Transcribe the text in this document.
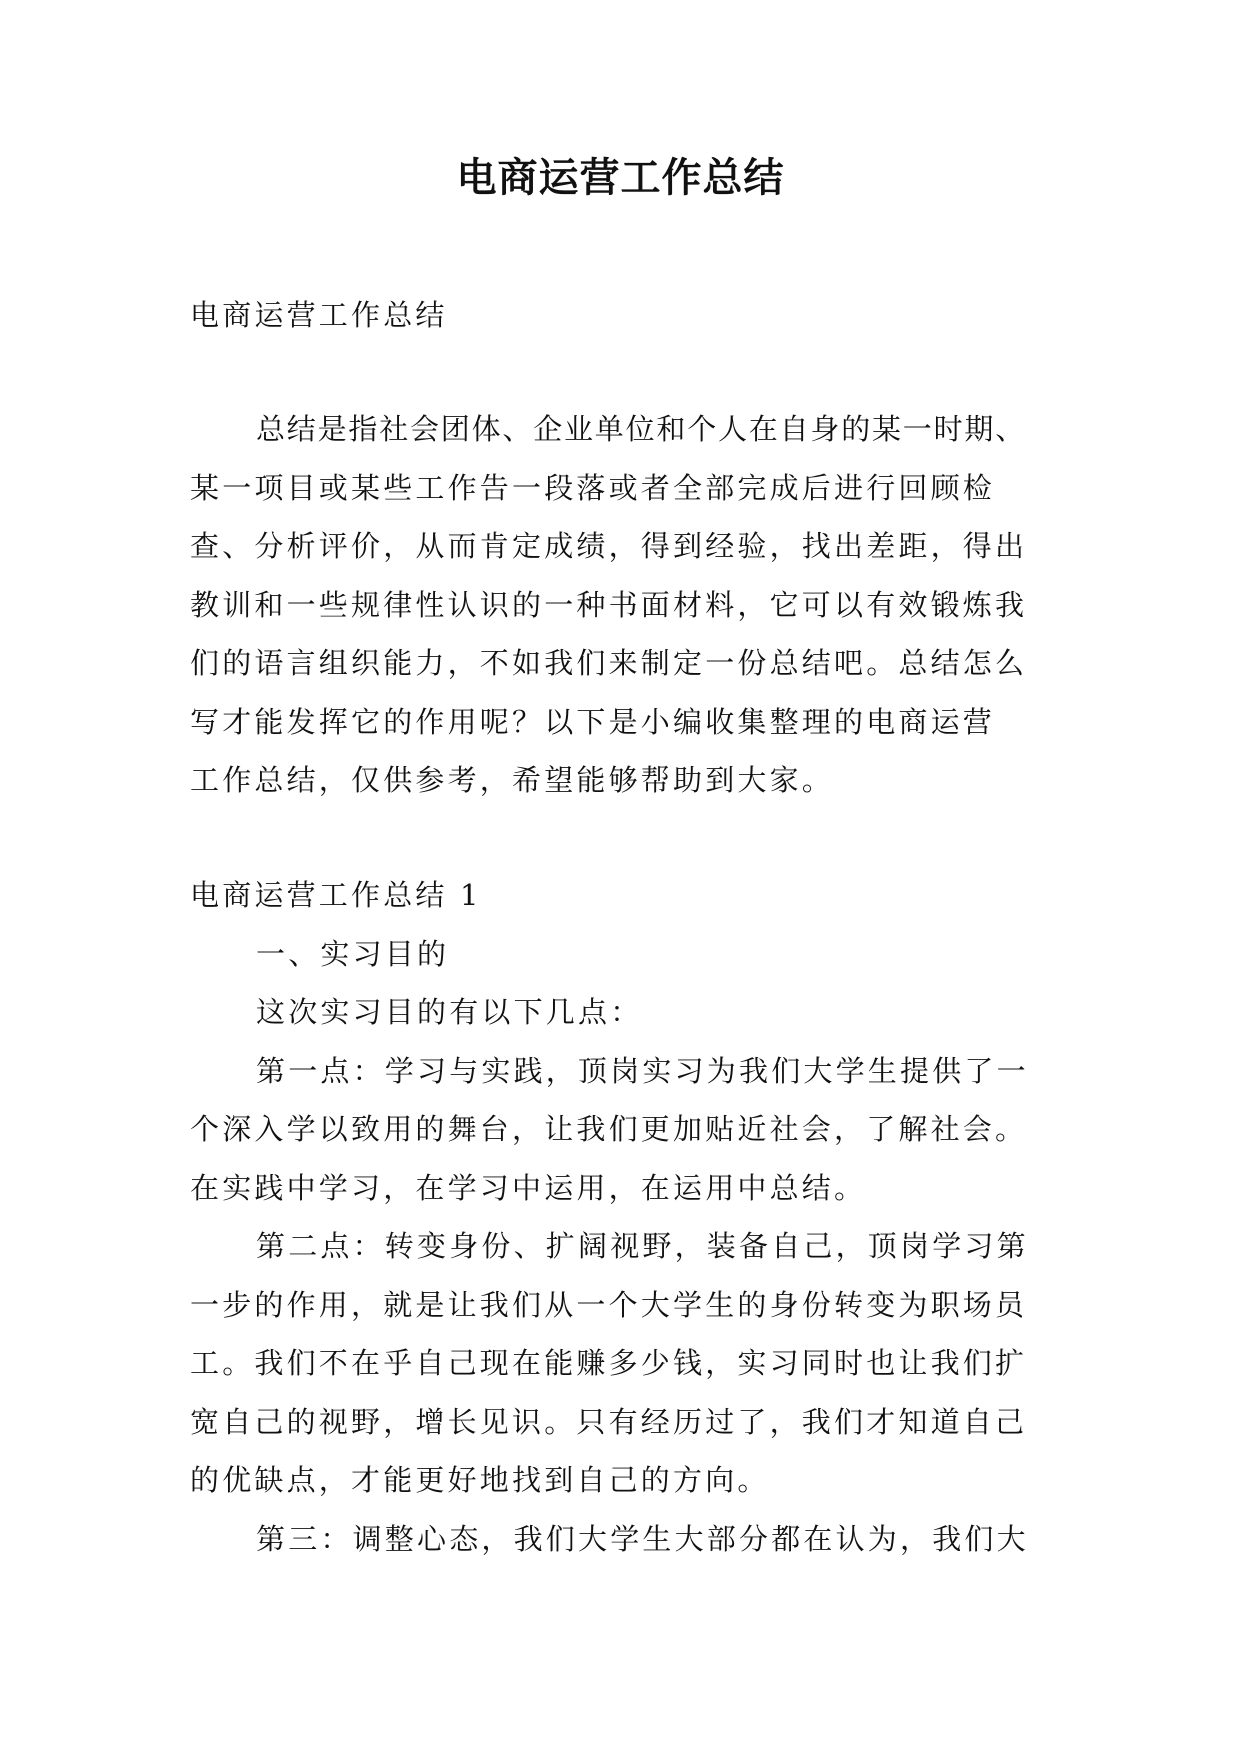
电商运营工作总结
电商运营工作总结
总结是指社会团体、企业单位和个人在自身的某一时期、
某一项目或某些工作告一段落或者全部完成后进行回顾检
查、分析评价，从而肯定成绩，得到经验，找出差距，得出
教训和一些规律性认识的一种书面材料，它可以有效锻炼我
们的语言组织能力，不如我们来制定一份总结吧。总结怎么
写才能发挥它的作用呢？以下是小编收集整理的电商运营
工作总结，仅供参考，希望能够帮助到大家。
电商运营工作总结 1
一、实习目的
这次实习目的有以下几点：
第一点：学习与实践，顶岗实习为我们大学生提供了一
个深入学以致用的舞台，让我们更加贴近社会，了解社会。
在实践中学习，在学习中运用，在运用中总结。
第二点：转变身份、扩阔视野，装备自己，顶岗学习第
一步的作用，就是让我们从一个大学生的身份转变为职场员
工。我们不在乎自己现在能赚多少钱，实习同时也让我们扩
宽自己的视野，增长见识。只有经历过了，我们才知道自己
的优缺点，才能更好地找到自己的方向。
第三：调整心态，我们大学生大部分都在认为，我们大
